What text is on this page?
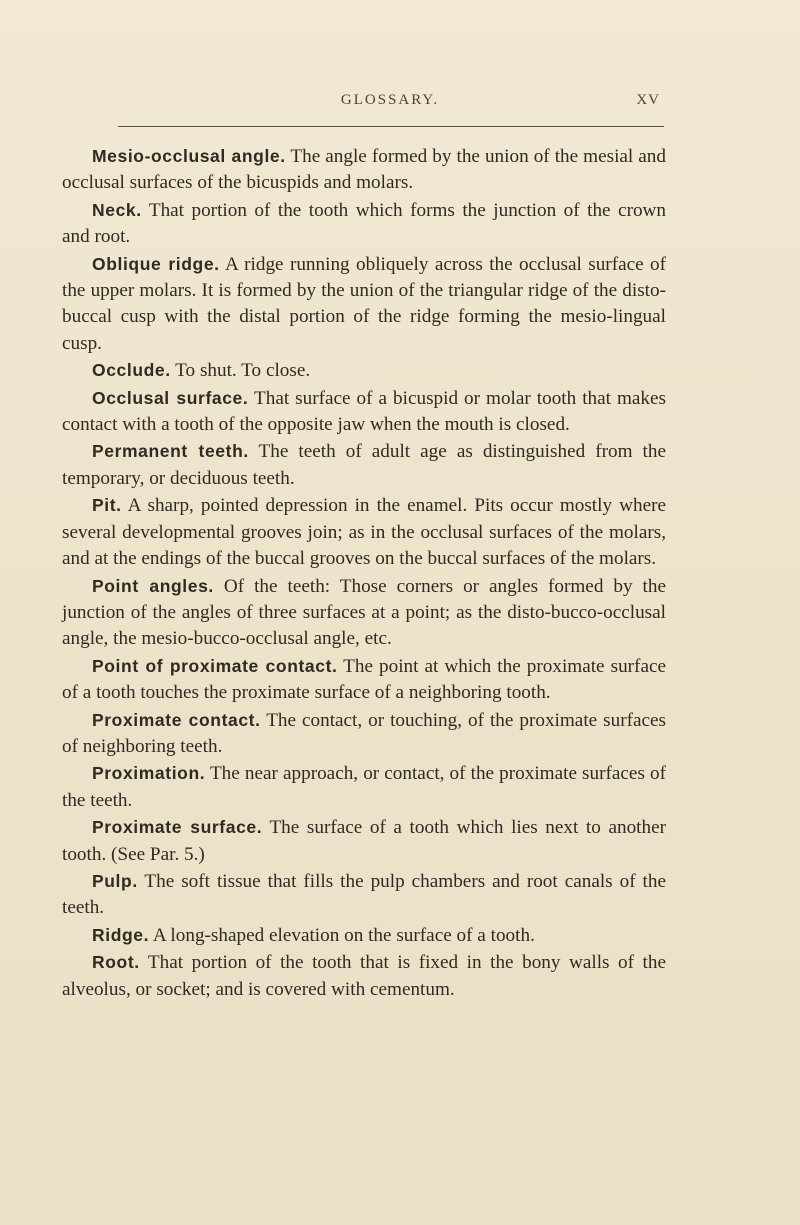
GLOSSARY.	XV

Mesio-occlusal angle. The angle formed by the union of the mesial and occlusal surfaces of the bicuspids and molars.

Neck. That portion of the tooth which forms the junction of the crown and root.

Oblique ridge. A ridge running obliquely across the occlusal surface of the upper molars. It is formed by the union of the triangular ridge of the disto-buccal cusp with the distal portion of the ridge forming the mesio-lingual cusp.

Occlude. To shut. To close.

Occlusal surface. That surface of a bicuspid or molar tooth that makes contact with a tooth of the opposite jaw when the mouth is closed.

Permanent teeth. The teeth of adult age as distinguished from the temporary, or deciduous teeth.

Pit. A sharp, pointed depression in the enamel. Pits occur mostly where several developmental grooves join; as in the occlusal surfaces of the molars, and at the endings of the buccal grooves on the buccal surfaces of the molars.

Point angles. Of the teeth: Those corners or angles formed by the junction of the angles of three surfaces at a point; as the disto-bucco-occlusal angle, the mesio-bucco-occlusal angle, etc.

Point of proximate contact. The point at which the proximate surface of a tooth touches the proximate surface of a neighboring tooth.

Proximate contact. The contact, or touching, of the proximate surfaces of neighboring teeth.

Proximation. The near approach, or contact, of the proximate surfaces of the teeth.

Proximate surface. The surface of a tooth which lies next to another tooth. (See Par. 5.)

Pulp. The soft tissue that fills the pulp chambers and root canals of the teeth.

Ridge. A long-shaped elevation on the surface of a tooth.

Root. That portion of the tooth that is fixed in the bony walls of the alveolus, or socket; and is covered with cementum.
